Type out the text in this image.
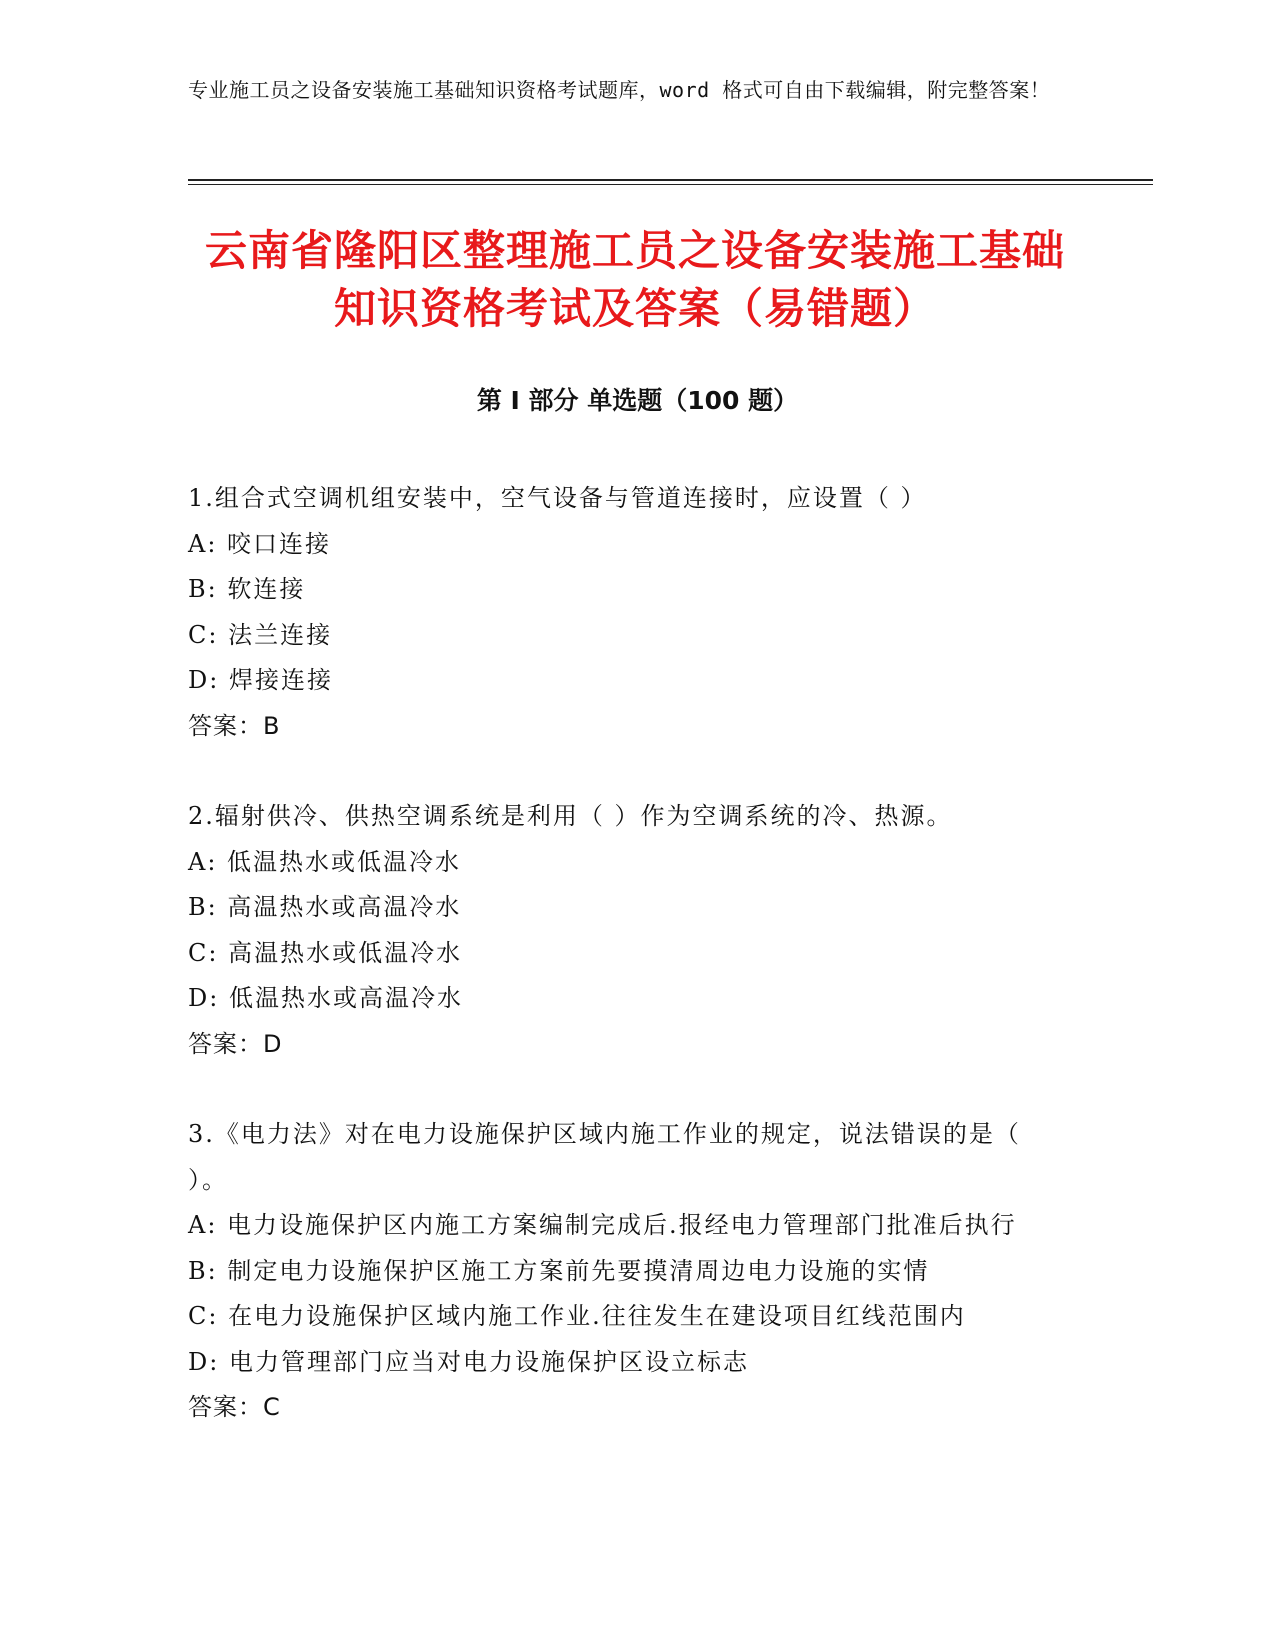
专业施工员之设备安装施工基础知识资格考试题库，word 格式可自由下载编辑，附完整答案！
云南省隆阳区整理施工员之设备安装施工基础知识资格考试及答案（易错题）
第 I 部分 单选题（100 题）

1.组合式空调机组安装中，空气设备与管道连接时，应设置（ ）

A: 咬口连接

B: 软连接

C: 法兰连接

D: 焊接连接

答案：B

2.辐射供冷、供热空调系统是利用（ ）作为空调系统的冷、热源。

A: 低温热水或低温冷水

B: 高温热水或高温冷水

C: 高温热水或低温冷水

D: 低温热水或高温冷水

答案：D

3.《电力法》对在电力设施保护区域内施工作业的规定，说法错误的是（ ）。

A: 电力设施保护区内施工方案编制完成后.报经电力管理部门批准后执行

B: 制定电力设施保护区施工方案前先要摸清周边电力设施的实情

C: 在电力设施保护区域内施工作业.往往发生在建设项目红线范围内

D: 电力管理部门应当对电力设施保护区设立标志

答案：C
